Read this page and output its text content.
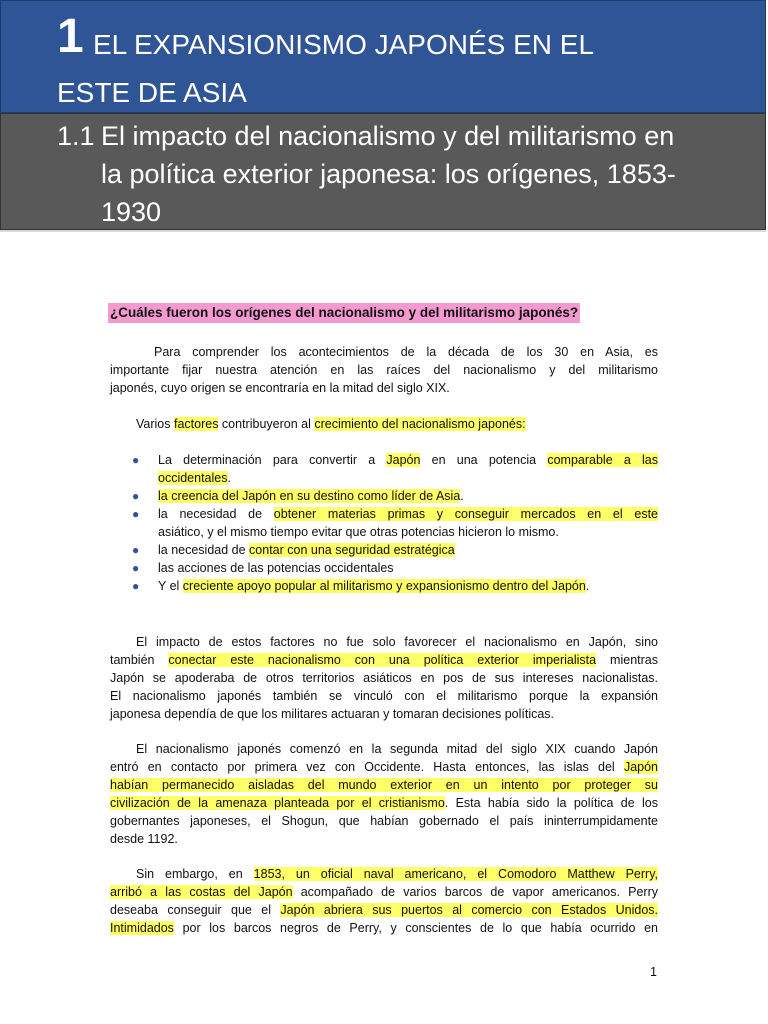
1 EL EXPANSIONISMO JAPONÉS EN EL
ESTE DE ASIA
1.1 El impacto del nacionalismo y del militarismo en
la política exterior japonesa: los orígenes, 1853-
1930
¿Cuáles fueron los orígenes del nacionalismo y del militarismo japonés?
Para comprender los acontecimientos de la década de los 30 en Asia, es
importante fijar nuestra atención en las raíces del nacionalismo y del militarismo
japonés, cuyo origen se encontraría en la mitad del siglo XIX.
Varios factores contribuyeron al crecimiento del nacionalismo japonés:
● La determinación para convertir a Japón en una potencia comparable a las
occidentales.
● la creencia del Japón en su destino como líder de Asia.
● la necesidad de obtener materias primas y conseguir mercados en el este
asiático, y el mismo tiempo evitar que otras potencias hicieron lo mismo.
● la necesidad de contar con una seguridad estratégica
● las acciones de las potencias occidentales
● Y el creciente apoyo popular al militarismo y expansionismo dentro del Japón.
El impacto de estos factores no fue solo favorecer el nacionalismo en Japón, sino
también conectar este nacionalismo con una política exterior imperialista mientras
Japón se apoderaba de otros territorios asiáticos en pos de sus intereses nacionalistas.
El nacionalismo japonés también se vinculó con el militarismo porque la expansión
japonesa dependía de que los militares actuaran y tomaran decisiones políticas.
El nacionalismo japonés comenzó en la segunda mitad del siglo XIX cuando Japón
entró en contacto por primera vez con Occidente. Hasta entonces, las islas del Japón
habían permanecido aisladas del mundo exterior en un intento por proteger su
civilización de la amenaza planteada por el cristianismo. Esta había sido la política de los
gobernantes japoneses, el Shogun, que habían gobernado el país ininterrumpidamente
desde 1192.
Sin embargo, en 1853, un oficial naval americano, el Comodoro Matthew Perry,
arribó a las costas del Japón acompañado de varios barcos de vapor americanos. Perry
deseaba conseguir que el Japón abriera sus puertos al comercio con Estados Unidos.
Intimidados por los barcos negros de Perry, y conscientes de lo que había ocurrido en
1
